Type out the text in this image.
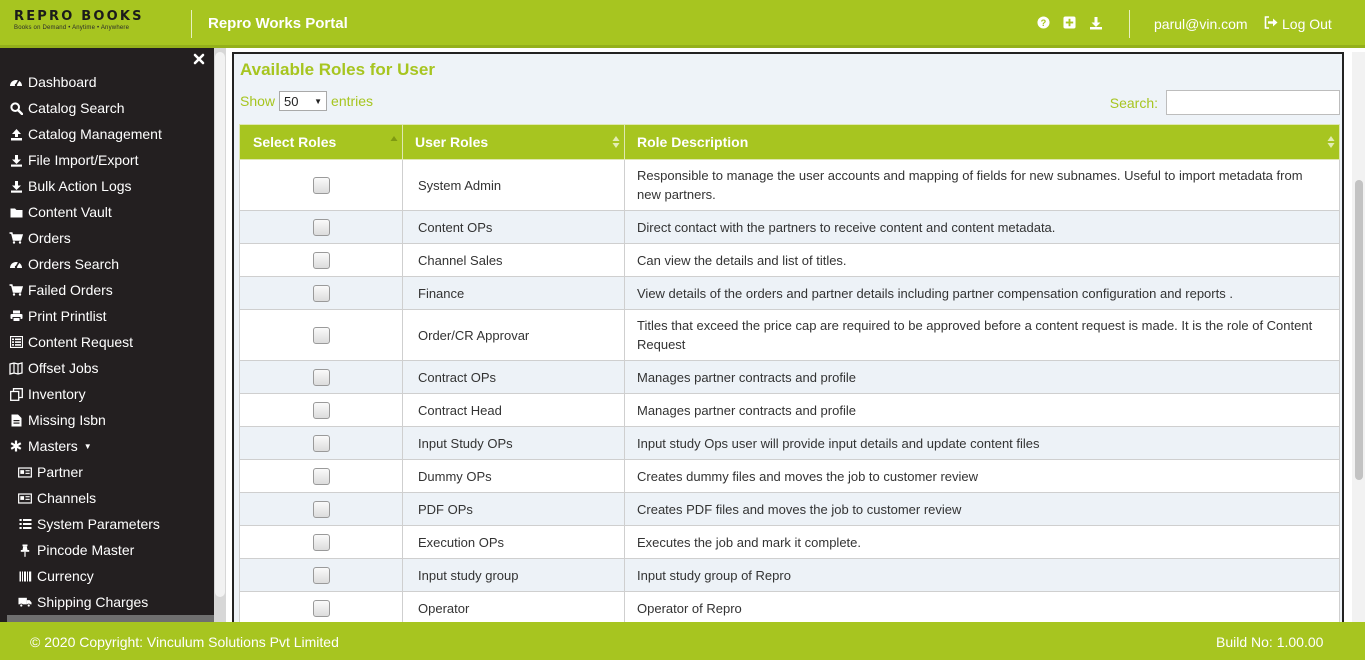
REPRO BOOKS
Books on Demand • Anytime • Anywhere	Repro Works Portal	?	parul@vin.com Log Out
Dashboard
Catalog Search
Catalog Management
File Import/Export
Bulk Action Logs
Content Vault
Orders
Orders Search
Failed Orders
Print Printlist
Content Request
Offset Jobs
Inventory
Missing Isbn
Masters ▼
Partner
Channels
System Parameters
Pincode Master
Currency
Shipping Charges
Available Roles for User
Show 50 ▼ entries	Search:
Select Roles	User Roles	Role Description

	System Admin	Responsible to manage the user accounts and mapping of fields for new subnames. Useful to import metadata from new partners.
	Content OPs	Direct contact with the partners to receive content and content metadata.
	Channel Sales	Can view the details and list of titles.
	Finance	View details of the orders and partner details including partner compensation configuration and reports .
	Order/CR Approvar	Titles that exceed the price cap are required to be approved before a content request is made. It is the role of Content Request
	Contract OPs	Manages partner contracts and profile
	Contract Head	Manages partner contracts and profile
	Input Study OPs	Input study Ops user will provide input details and update content files
	Dummy OPs	Creates dummy files and moves the job to customer review
	PDF OPs	Creates PDF files and moves the job to customer review
	Execution OPs	Executes the job and mark it complete.
	Input study group	Input study group of Repro
	Operator	Operator of Repro
© 2020 Copyright: Vinculum Solutions Pvt Limited	Build No: 1.00.00
